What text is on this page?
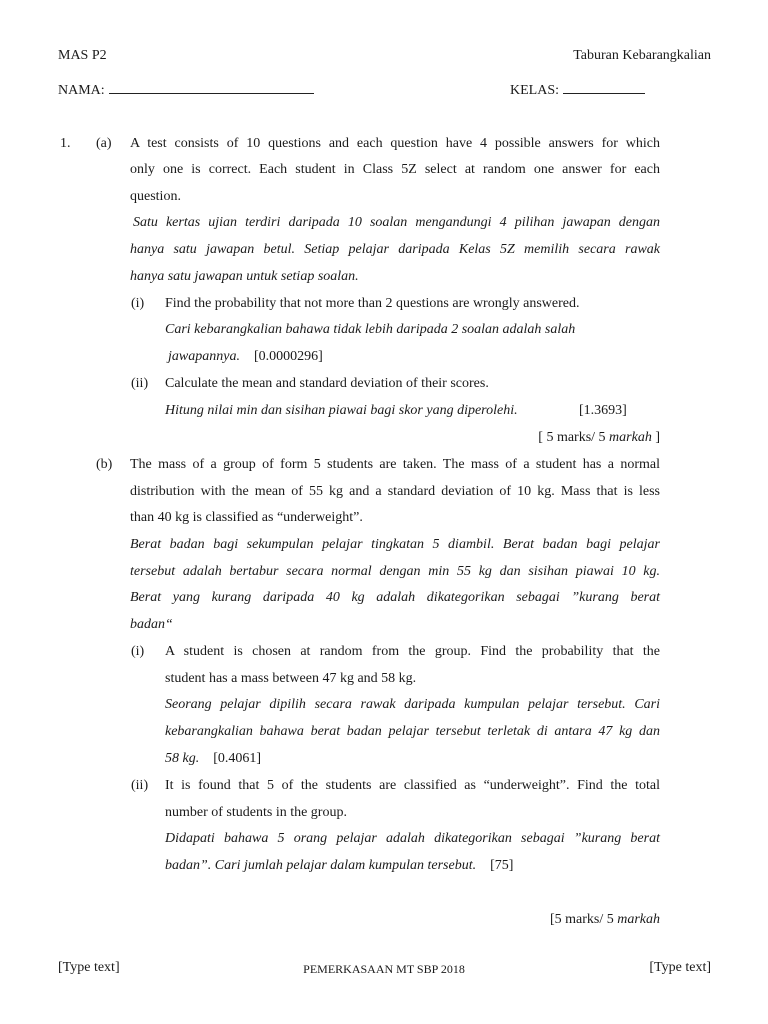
MAS P2	Taburan Kebarangkalian
NAMA:	KELAS:
1. (a) A test consists of 10 questions and each question have 4 possible answers for which
only one is correct. Each student in Class 5Z select at random one answer for each
question.
Satu kertas ujian terdiri daripada 10 soalan mengandungi 4 pilihan jawapan dengan
hanya satu jawapan betul. Setiap pelajar daripada Kelas 5Z memilih secara rawak
hanya satu jawapan untuk setiap soalan.
(i) Find the probability that not more than 2 questions are wrongly answered.
Cari kebarangkalian bahawa tidak lebih daripada 2 soalan adalah salah
jawapannya. [0.0000296]
(ii) Calculate the mean and standard deviation of their scores.
Hitung nilai min dan sisihan piawai bagi skor yang diperolehi.	[1.3693]
[ 5 marks/ 5 markah ]
(b) The mass of a group of form 5 students are taken. The mass of a student has a normal
distribution with the mean of 55 kg and a standard deviation of 10 kg. Mass that is less
than 40 kg is classified as “underweight”.
Berat badan bagi sekumpulan pelajar tingkatan 5 diambil. Berat badan bagi pelajar
tersebut adalah bertabur secara normal dengan min 55 kg dan sisihan piawai 10 kg.
Berat yang kurang daripada 40 kg adalah dikategorikan sebagai ”kurang berat
badan“
(i) A student is chosen at random from the group. Find the probability that the
student has a mass between 47 kg and 58 kg.
Seorang pelajar dipilih secara rawak daripada kumpulan pelajar tersebut. Cari
kebarangkalian bahawa berat badan pelajar tersebut terletak di antara 47 kg dan
58 kg. [0.4061]
(ii) It is found that 5 of the students are classified as “underweight”. Find the total
number of students in the group.
Didapati bahawa 5 orang pelajar adalah dikategorikan sebagai ”kurang berat
badan”. Cari jumlah pelajar dalam kumpulan tersebut. [75]
[5 marks/ 5 markah
[Type text]	PEMERKASAAN MT SBP 2018	[Type text]
